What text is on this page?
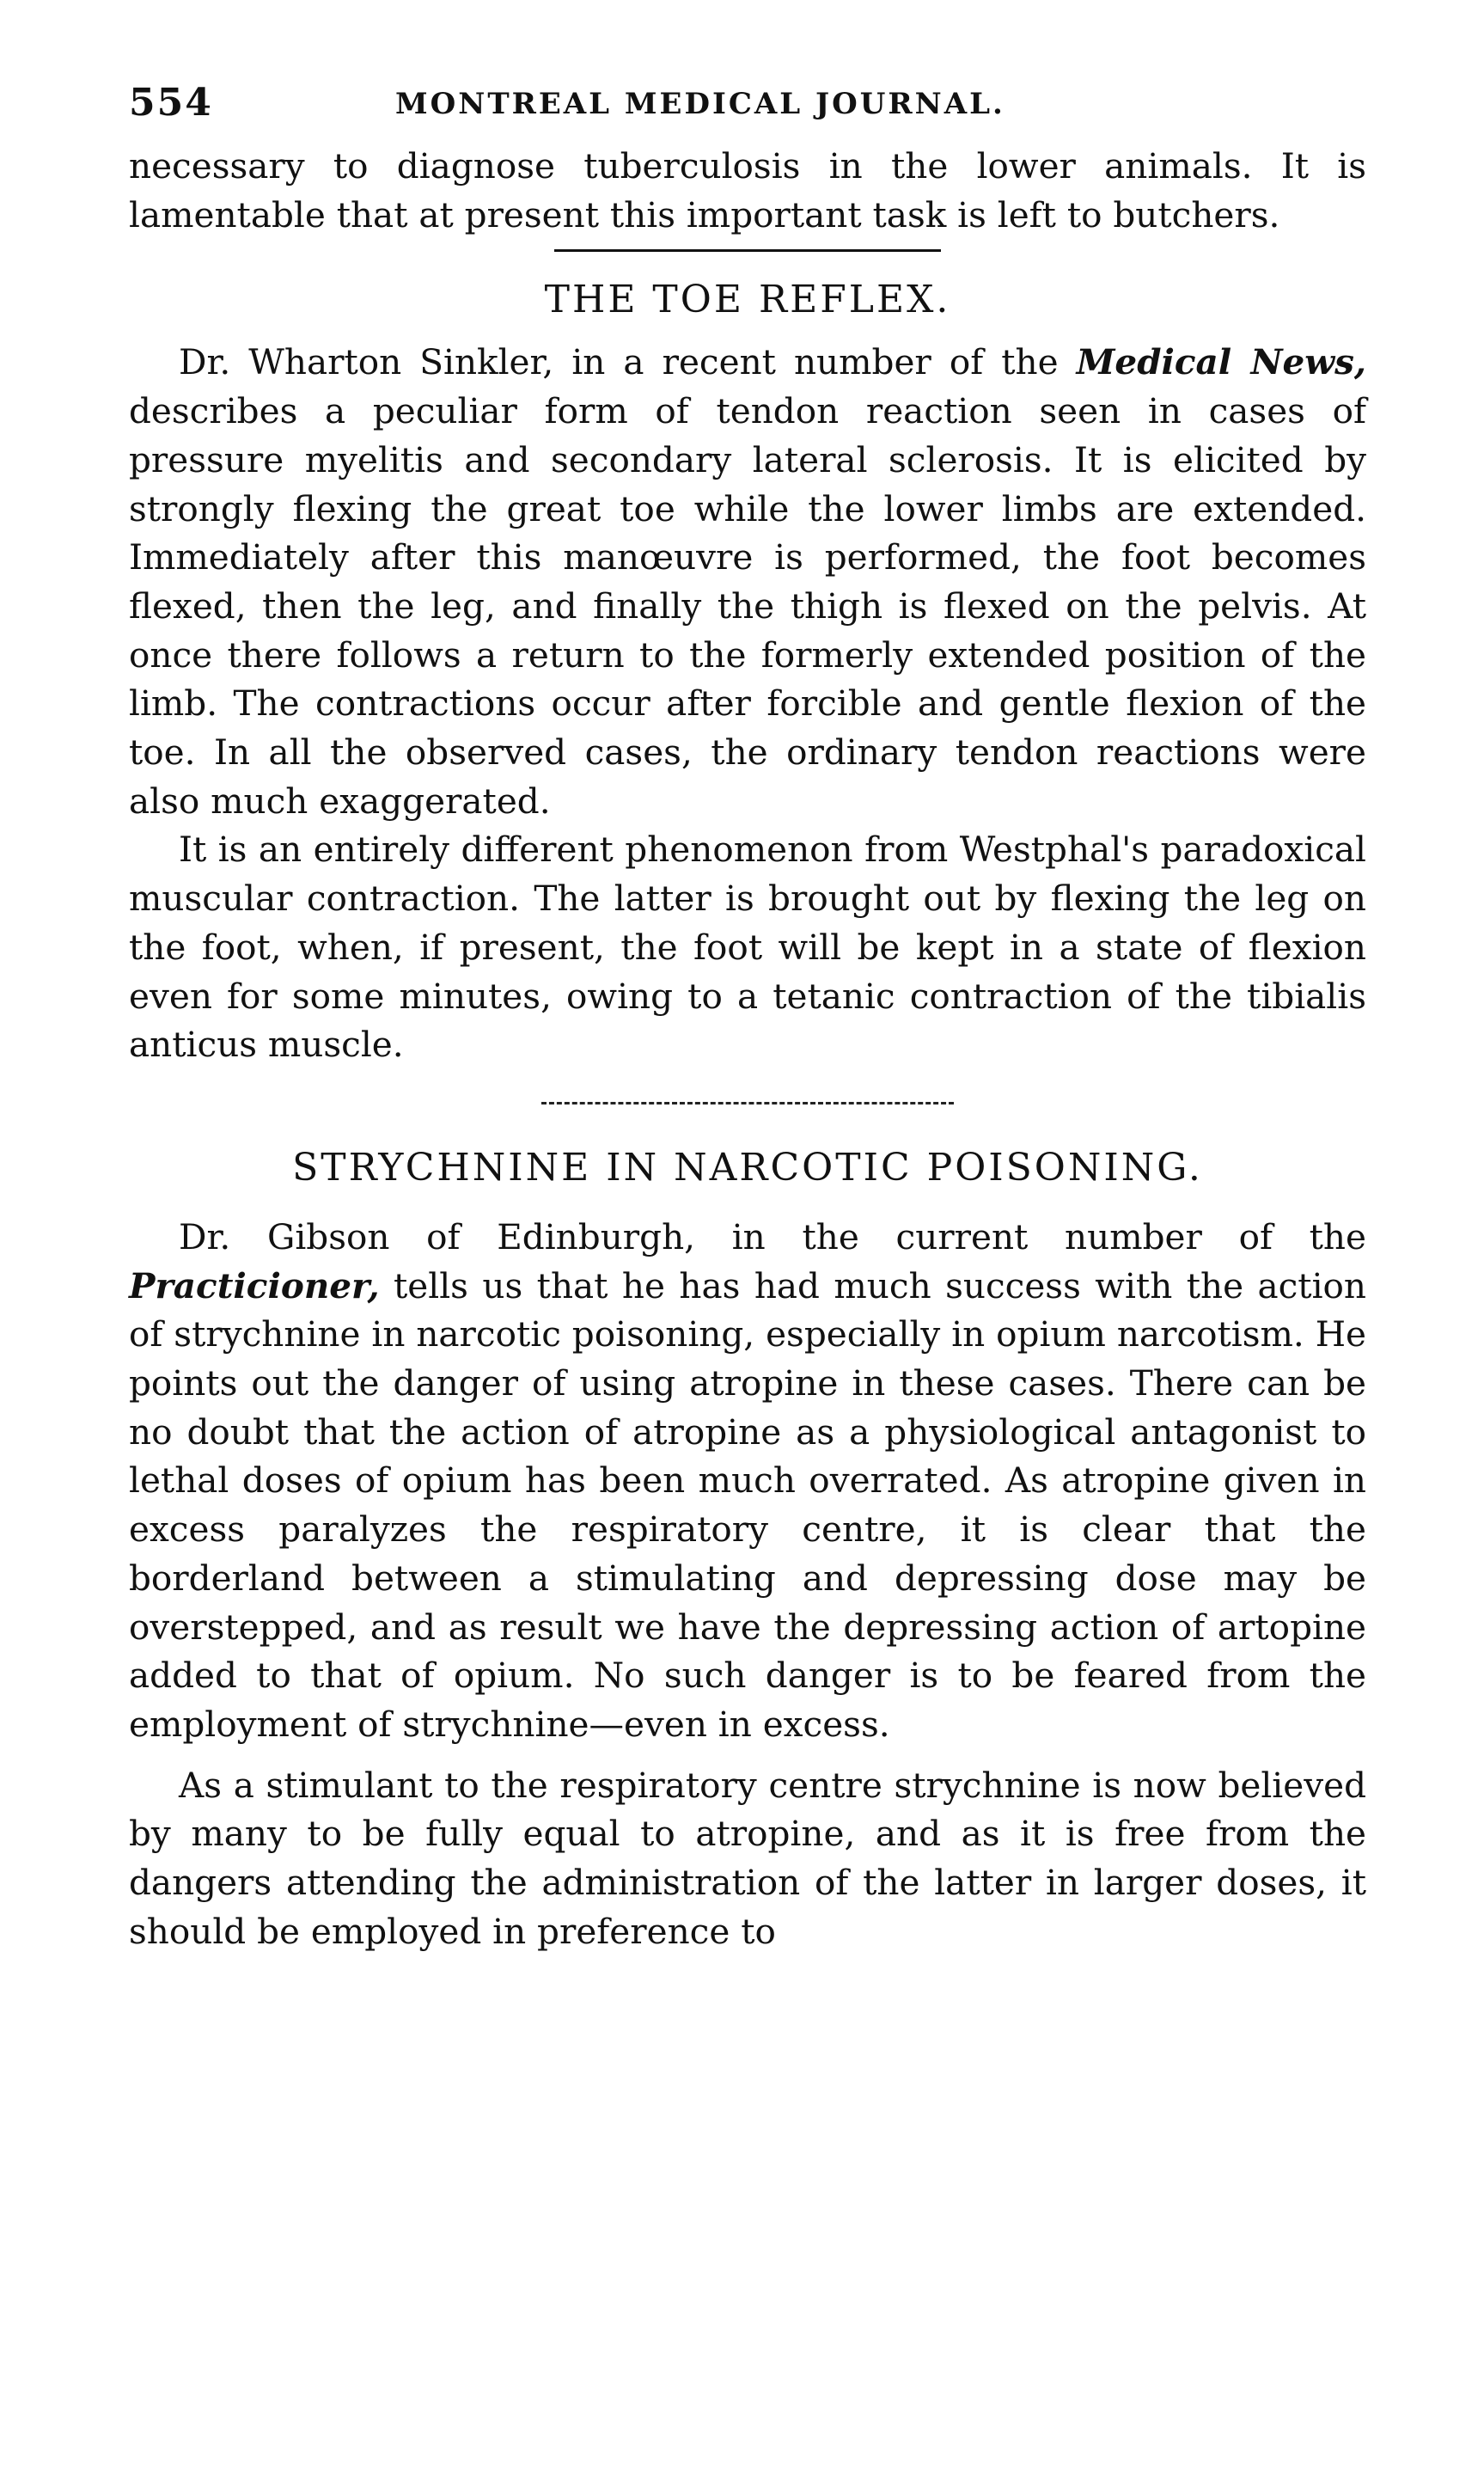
554	MONTREAL MEDICAL JOURNAL.

necessary to diagnose tuberculosis in the lower animals. It is lamentable that at present this important task is left to butchers.

THE TOE REFLEX.

Dr. Wharton Sinkler, in a recent number of the Medical News, describes a peculiar form of tendon reaction seen in cases of pressure myelitis and secondary lateral sclerosis. It is elicited by strongly flexing the great toe while the lower limbs are extended. Immediately after this manœuvre is performed, the foot becomes flexed, then the leg, and finally the thigh is flexed on the pelvis. At once there follows a return to the formerly extended position of the limb. The contractions occur after forcible and gentle flexion of the toe. In all the observed cases, the ordinary tendon reactions were also much exaggerated.

It is an entirely different phenomenon from Westphal's paradoxical muscular contraction. The latter is brought out by flexing the leg on the foot, when, if present, the foot will be kept in a state of flexion even for some minutes, owing to a tetanic contraction of the tibialis anticus muscle.

STRYCHNINE IN NARCOTIC POISONING.

Dr. Gibson of Edinburgh, in the current number of the Practicioner, tells us that he has had much success with the action of strychnine in narcotic poisoning, especially in opium narcotism. He points out the danger of using atropine in these cases. There can be no doubt that the action of atropine as a physiological antagonist to lethal doses of opium has been much overrated. As atropine given in excess paralyzes the respiratory centre, it is clear that the borderland between a stimulating and depressing dose may be overstepped, and as result we have the depressing action of artopine added to that of opium. No such danger is to be feared from the employment of strychnine—even in excess.

As a stimulant to the respiratory centre strychnine is now believed by many to be fully equal to atropine, and as it is free from the dangers attending the administration of the latter in larger doses, it should be employed in preference to
